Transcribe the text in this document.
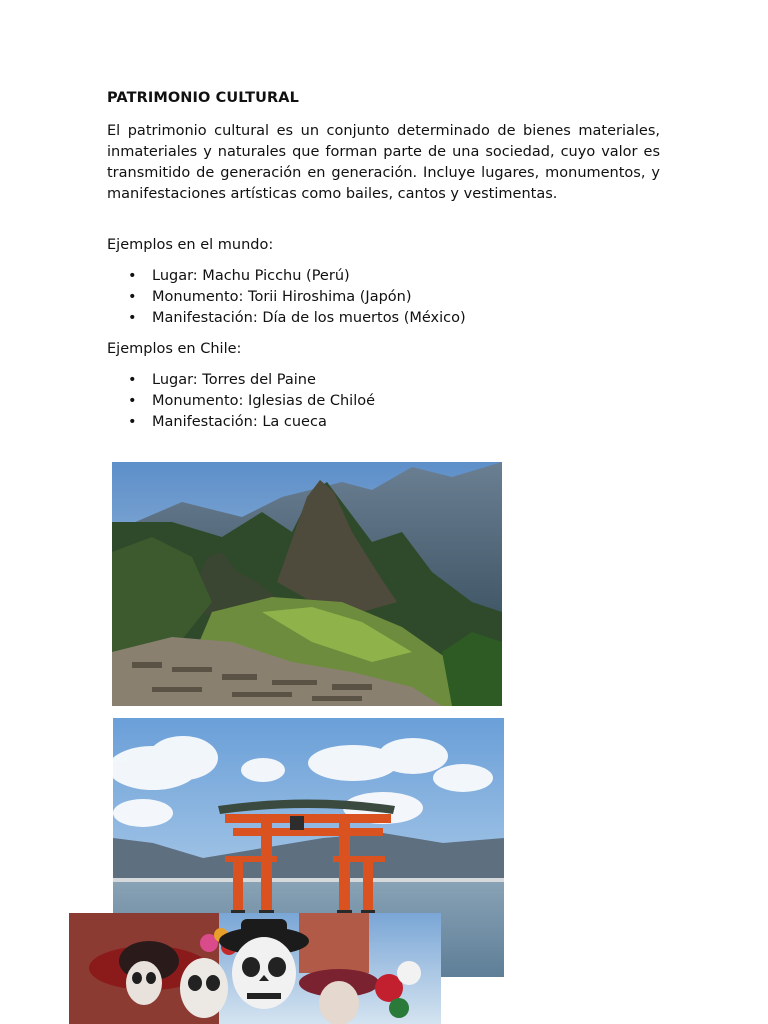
PATRIMONIO CULTURAL
El patrimonio cultural es un conjunto determinado de bienes materiales, inmateriales y naturales que forman parte de una sociedad, cuyo valor es transmitido de generación en generación. Incluye lugares, monumentos, y manifestaciones artísticas como bailes, cantos y vestimentas.
Ejemplos en el mundo:
• Lugar: Machu Picchu (Perú)
• Monumento: Torii Hiroshima (Japón)
• Manifestación: Día de los muertos (México)
Ejemplos en Chile:
• Lugar: Torres del Paine
• Monumento: Iglesias de Chiloé
• Manifestación: La cueca
